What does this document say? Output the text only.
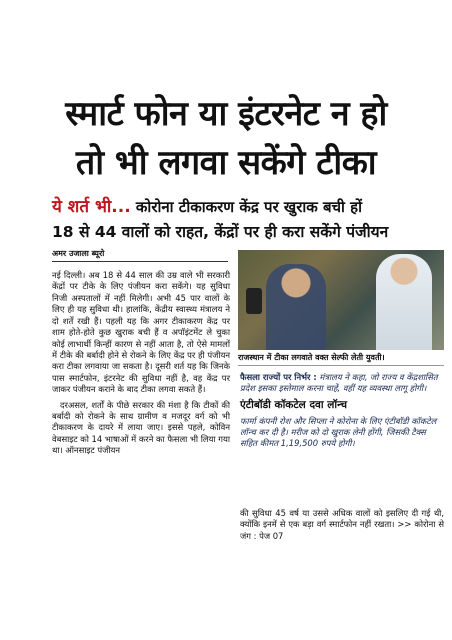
स्मार्ट फोन या इंटरनेट न हो
तो भी लगवा सकेंगे टीका
ये शर्त भी... कोरोना टीकाकरण केंद्र पर खुराक बची हों
18 से 44 वालों को राहत, केंद्रों पर ही करा सकेंगे पंजीयन
अमर उजाला ब्यूरो

नई दिल्ली। अब 18 से 44 साल की उम्र वाले भी सरकारी केंद्रों पर टीके के लिए पंजीयन करा सकेंगे। यह सुविधा निजी अस्पतालों में नहीं मिलेगी। अभी 45 पार वालों के लिए ही यह सुविधा थी। हालांकि, केंद्रीय स्वास्थ्य मंत्रालय ने दो शर्तें रखी हैं। पहली यह कि अगर टीकाकरण केंद्र पर शाम होते-होते कुछ खुराक बची हैं व अपॉइंटमेंट ले चुका कोई लाभार्थी किन्हीं कारण से नहीं आता है, तो ऐसे मामलों में टीके की बर्बादी होने से रोकने के लिए केंद्र पर ही पंजीयन करा टीका लगवाया जा सकता है। दूसरी शर्त यह कि जिनके पास स्मार्टफोन, इंटरनेट की सुविधा नहीं है, वह केंद्र पर जाकर पंजीयन कराने के बाद टीका लगवा सकते हैं।

दरअसल, शर्तों के पीछे सरकार की मंशा है कि टीकों की बर्बादी को रोकने के साथ ग्रामीण व मजदूर वर्ग को भी टीकाकरण के दायरे में लाया जाए। इससे पहले, कोविन वेबसाइट को 14 भाषाओं में करने का फैसला भी लिया गया था। ऑनसाइट पंजीयन

राजस्थान में टीका लगवाते वक्त सेल्फी लेती युवती।

फैसला राज्यों पर निर्भर : मंत्रालय ने कहा, जो राज्य व केंद्रशासित प्रदेश इसका इस्तेमाल करना चाहें, वहीं यह व्यवस्था लागू होगी।

एंटीबॉडी कॉकटेल दवा लॉन्च

फार्मा कंपनी रोश और सिप्ला ने कोरोना के लिए एंटीबॉडी कॉकटेल लॉन्च कर दी है। मरीज को दो खुराक लेनी होंगी, जिसकी टैक्स सहित कीमत 1,19,500 रुपये होगी।

की सुविधा 45 वर्ष या उससे अधिक वालों को इसलिए दी गई थी, क्योंकि इनमें से एक बड़ा वर्ग स्मार्टफोन नहीं रखता। >> कोरोना से जंग : पेज 07
